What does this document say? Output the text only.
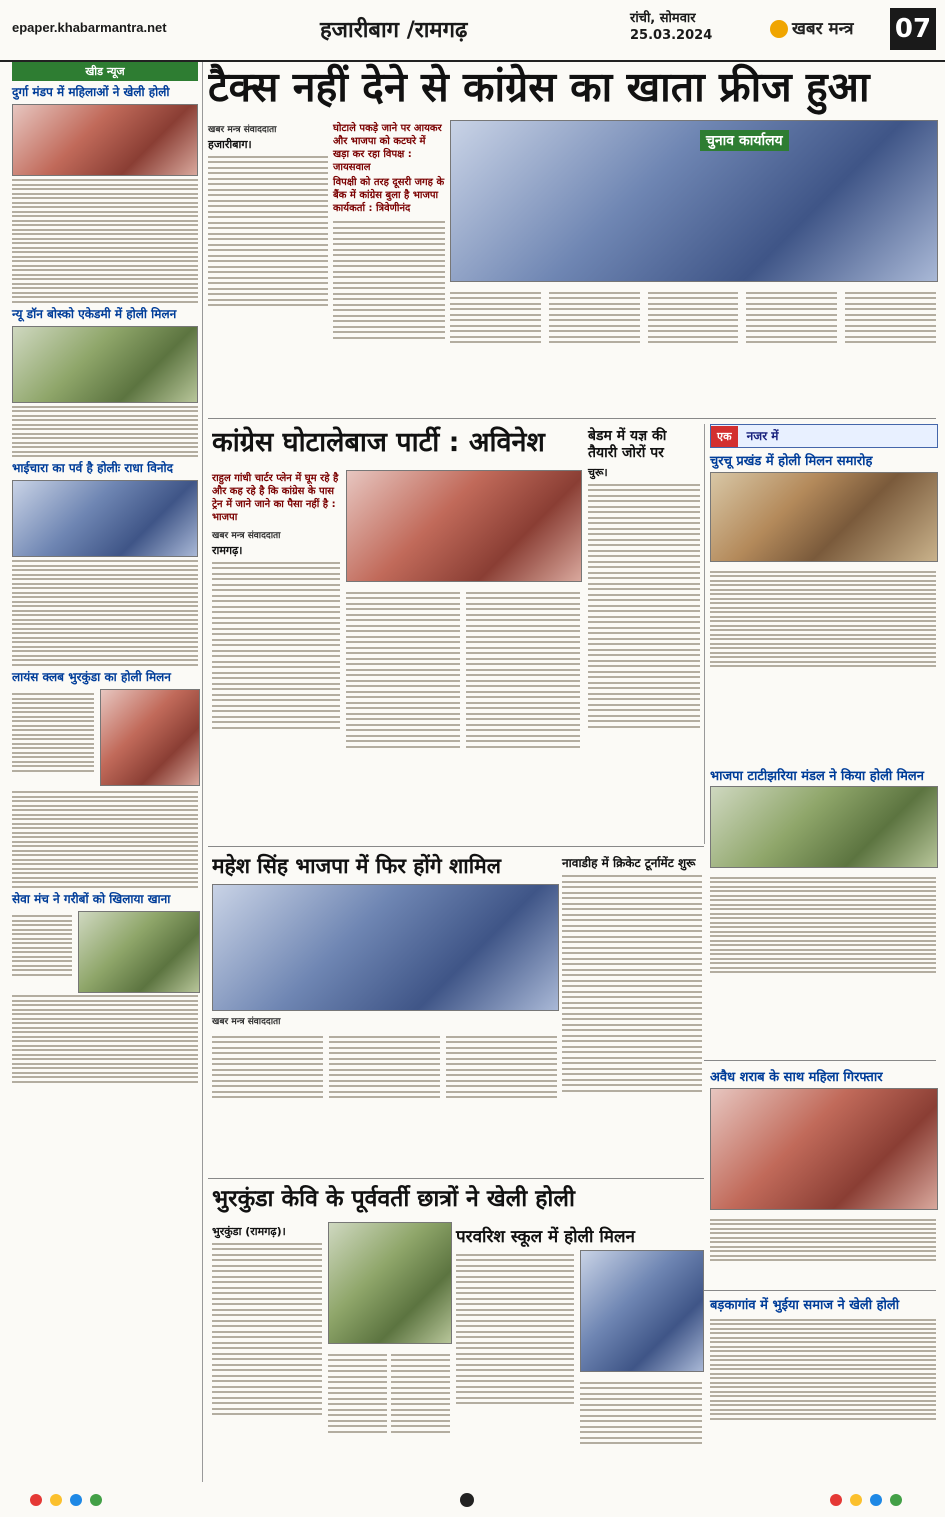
epaper.khabarmantra.net	हजारीबाग /रामगढ़	रांची, सोमवार
25.03.2024	खबर मन्त्र 07
खीड न्यूज
दुर्गा मंडप में महिलाओं ने खेली होली
न्यू डॉन बोस्को एकेडमी में होली मिलन
भाईचारा का पर्व है होलीः राधा विनोद
लायंस क्लब भुरकुंडा का होली मिलन
सेवा मंच ने गरीबों को खिलाया खाना
टैक्स नहीं देने से कांग्रेस का खाता फ्रीज हुआ
खबर मन्त्र संवाददाता
हजारीबाग।
घोटाले पकड़े जाने पर आयकर और भाजपा को कटघरे में खड़ा कर रहा विपक्ष : जायसवाल
विपक्षी को तरह दूसरी जगह के बैंक में कांग्रेस बुला है भाजपा कार्यकर्ता : त्रिवेणीनंद
चुनाव कार्यालय
कांग्रेस घोटालेबाज पार्टी : अविनेश
राहुल गांधी चार्टर प्लेन में घूम रहे है और कह रहे है कि कांग्रेस के पास ट्रेन में जाने जाने का पैसा नहीं है : भाजपा
खबर मन्त्र संवाददाता
रामगढ़।
बेडम में यज्ञ की तैयारी जोरों पर
चुरू।
एक नजर में
चुरचू प्रखंड में होली मिलन समारोह
भाजपा टाटीझरिया मंडल ने किया होली मिलन
महेश सिंह भाजपा में फिर होंगे शामिल
खबर मन्त्र संवाददाता
नावाडीह में क्रिकेट टूर्नामेंट शुरू
अवैध शराब के साथ महिला गिरफ्तार
बड़कागांव में भुईया समाज ने खेली होली
भुरकुंडा केवि के पूर्ववर्ती छात्रों ने खेली होली
भुरकुंडा (रामगढ़)।	परवरिश स्कूल में होली मिलन
